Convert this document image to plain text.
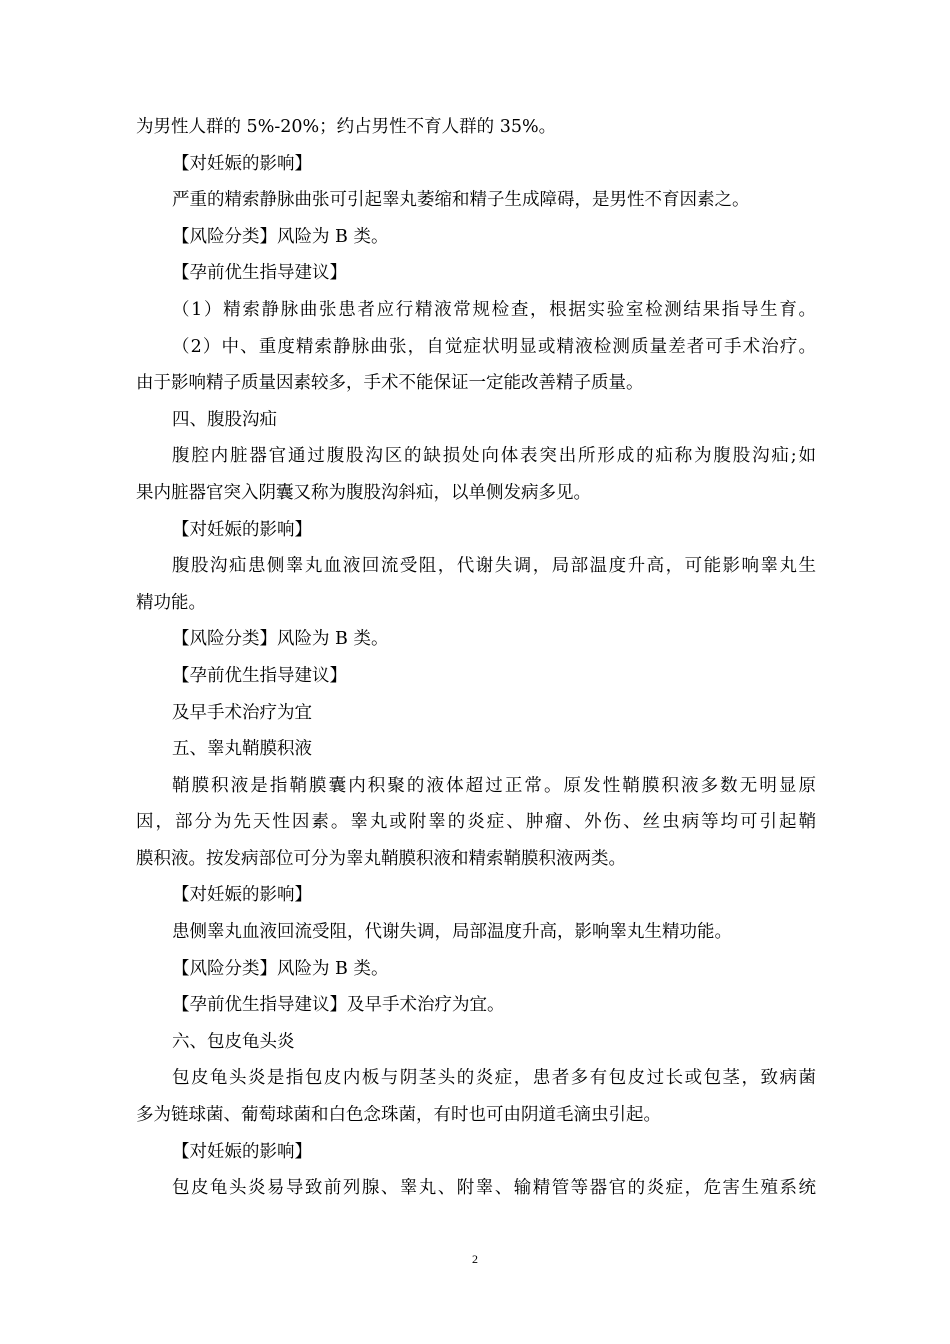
为男性人群的 5%-20%；约占男性不育人群的 35%。
【对妊娠的影响】
严重的精索静脉曲张可引起睾丸萎缩和精子生成障碍，是男性不育因素之。
【风险分类】风险为 B 类。
【孕前优生指导建议】
（1）精索静脉曲张患者应行精液常规检查，根据实验室检测结果指导生育。
（2）中、重度精索静脉曲张，自觉症状明显或精液检测质量差者可手术治疗。
由于影响精子质量因素较多，手术不能保证一定能改善精子质量。
四、腹股沟疝
腹腔内脏器官通过腹股沟区的缺损处向体表突出所形成的疝称为腹股沟疝;如
果内脏器官突入阴囊又称为腹股沟斜疝，以单侧发病多见。
【对妊娠的影响】
腹股沟疝患侧睾丸血液回流受阻，代谢失调，局部温度升高，可能影响睾丸生
精功能。
【风险分类】风险为 B 类。
【孕前优生指导建议】
及早手术治疗为宜
五、睾丸鞘膜积液
鞘膜积液是指鞘膜囊内积聚的液体超过正常。原发性鞘膜积液多数无明显原
因，部分为先天性因素。睾丸或附睾的炎症、肿瘤、外伤、丝虫病等均可引起鞘
膜积液。按发病部位可分为睾丸鞘膜积液和精索鞘膜积液两类。
【对妊娠的影响】
患侧睾丸血液回流受阻，代谢失调，局部温度升高，影响睾丸生精功能。
【风险分类】风险为 B 类。
【孕前优生指导建议】及早手术治疗为宜。
六、包皮龟头炎
包皮龟头炎是指包皮内板与阴茎头的炎症，患者多有包皮过长或包茎，致病菌
多为链球菌、葡萄球菌和白色念珠菌，有时也可由阴道毛滴虫引起。
【对妊娠的影响】
包皮龟头炎易导致前列腺、睾丸、附睾、输精管等器官的炎症，危害生殖系统
2
